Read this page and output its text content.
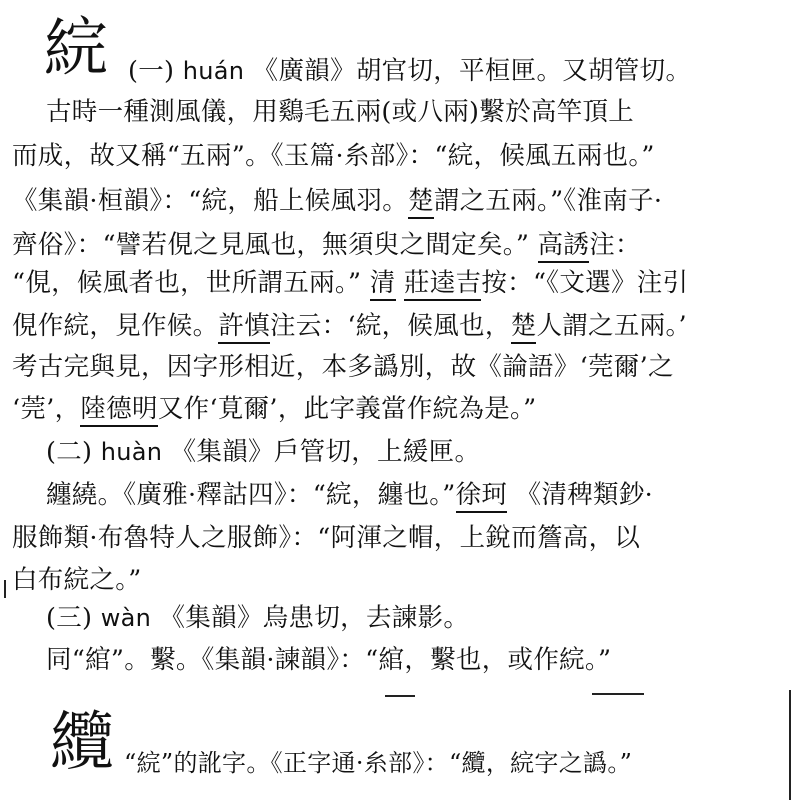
綄 (一) huán 《廣韻》胡官切，平桓匣。又胡管切。
古時一種測風儀，用鷄毛五兩(或八兩)繫於高竿頂上
而成，故又稱“五兩”。《玉篇·糸部》：“綄，候風五兩也。”
《集韻·桓韻》：“綄，船上候風羽。楚謂之五兩。”《淮南子·
齊俗》：“譬若俔之見風也，無須臾之間定矣。” 高誘注：
“俔，候風者也，世所謂五兩。” 清 莊逵吉按：“《文選》注引
俔作綄，見作候。許慎注云：‘綄，候風也，楚人謂之五兩。’
考古完與見，因字形相近，本多譌別，故《論語》‘莞爾’之
‘莞’，陸德明又作‘莧爾’，此字義當作綄為是。”
(二) huàn 《集韻》戶管切，上緩匣。
纏繞。《廣雅·釋詁四》：“綄，纏也。”徐珂 《清稗類鈔·
服飾類·布魯特人之服飾》：“阿渾之帽，上銳而簷高，以
白布綄之。”
(三) wàn 《集韻》烏患切，去諫影。
同“綰”。繫。《集韻·諫韻》：“綰，繫也，或作綄。”
纜 “綄”的訛字。《正字通·糸部》：“纜，綄字之譌。”
